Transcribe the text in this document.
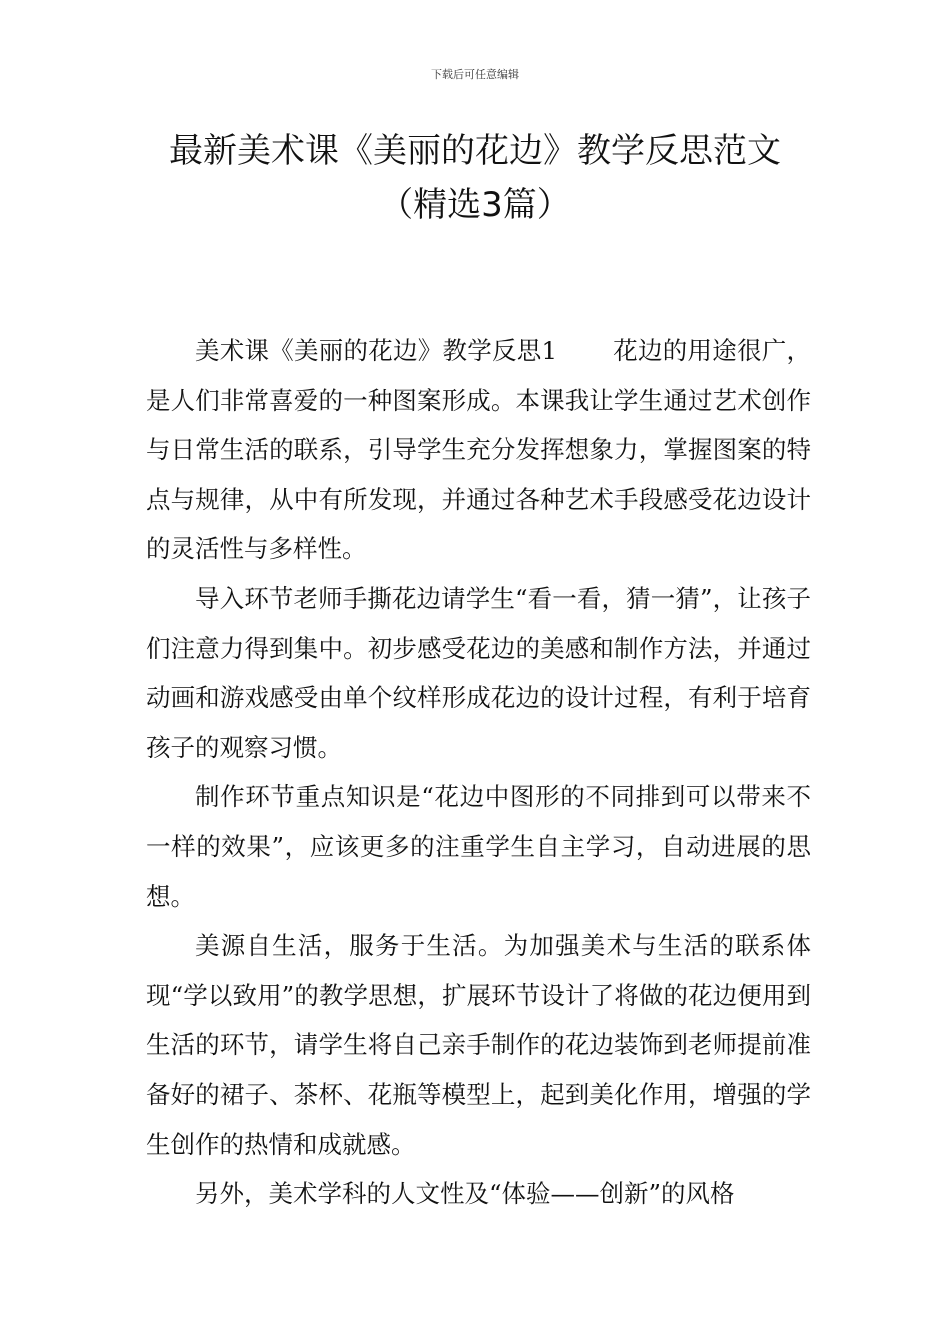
下载后可任意编辑
最新美术课《美丽的花边》教学反思范文
（精选3篇）

美术课《美丽的花边》教学反思1 花边的用途很广，是人们非常喜爱的一种图案形成。本课我让学生通过艺术创作与日常生活的联系，引导学生充分发挥想象力，掌握图案的特点与规律，从中有所发现，并通过各种艺术手段感受花边设计的灵活性与多样性。

导入环节老师手撕花边请学生“看一看，猜一猜”，让孩子们注意力得到集中。初步感受花边的美感和制作方法，并通过动画和游戏感受由单个纹样形成花边的设计过程，有利于培育孩子的观察习惯。

制作环节重点知识是“花边中图形的不同排到可以带来不一样的效果”，应该更多的注重学生自主学习，自动进展的思想。

美源自生活，服务于生活。为加强美术与生活的联系体现“学以致用”的教学思想，扩展环节设计了将做的花边便用到生活的环节，请学生将自己亲手制作的花边装饰到老师提前准备好的裙子、茶杯、花瓶等模型上，起到美化作用，增强的学生创作的热情和成就感。

另外，美术学科的人文性及“体验——创新”的风格
